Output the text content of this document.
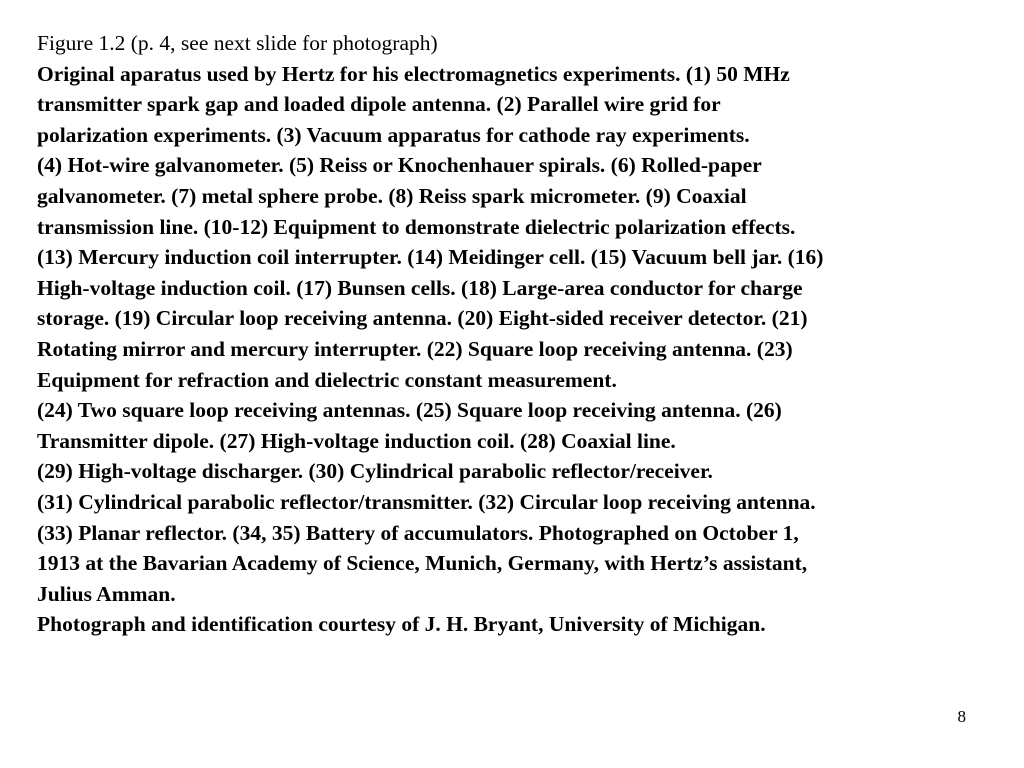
Figure 1.2 (p. 4, see next slide for photograph)

Original aparatus used by Hertz for his electromagnetics experiments. (1) 50 MHz

transmitter spark gap and loaded dipole antenna. (2) Parallel wire grid for

polarization experiments. (3) Vacuum apparatus for cathode ray experiments.

(4) Hot-wire galvanometer. (5) Reiss or Knochenhauer spirals. (6) Rolled-paper

galvanometer. (7) metal sphere probe. (8) Reiss spark micrometer. (9) Coaxial

transmission line. (10-12) Equipment to demonstrate dielectric polarization effects.

(13) Mercury induction coil interrupter. (14) Meidinger cell. (15) Vacuum bell jar. (16)

High-voltage induction coil. (17) Bunsen cells. (18) Large-area conductor for charge

storage. (19) Circular loop receiving antenna. (20) Eight-sided receiver detector. (21)

Rotating mirror and mercury interrupter. (22) Square loop receiving antenna. (23)

Equipment for refraction and dielectric constant measurement.

(24) Two square loop receiving antennas. (25) Square loop receiving antenna. (26)

Transmitter dipole. (27) High-voltage induction coil. (28) Coaxial line.

(29) High-voltage discharger. (30) Cylindrical parabolic reflector/receiver.

(31) Cylindrical parabolic reflector/transmitter. (32) Circular loop receiving antenna.

(33) Planar reflector. (34, 35) Battery of accumulators. Photographed on October 1,

1913 at the Bavarian Academy of Science, Munich, Germany, with Hertz’s assistant,

Julius Amman.

Photograph and identification courtesy of J. H. Bryant, University of Michigan.

8
